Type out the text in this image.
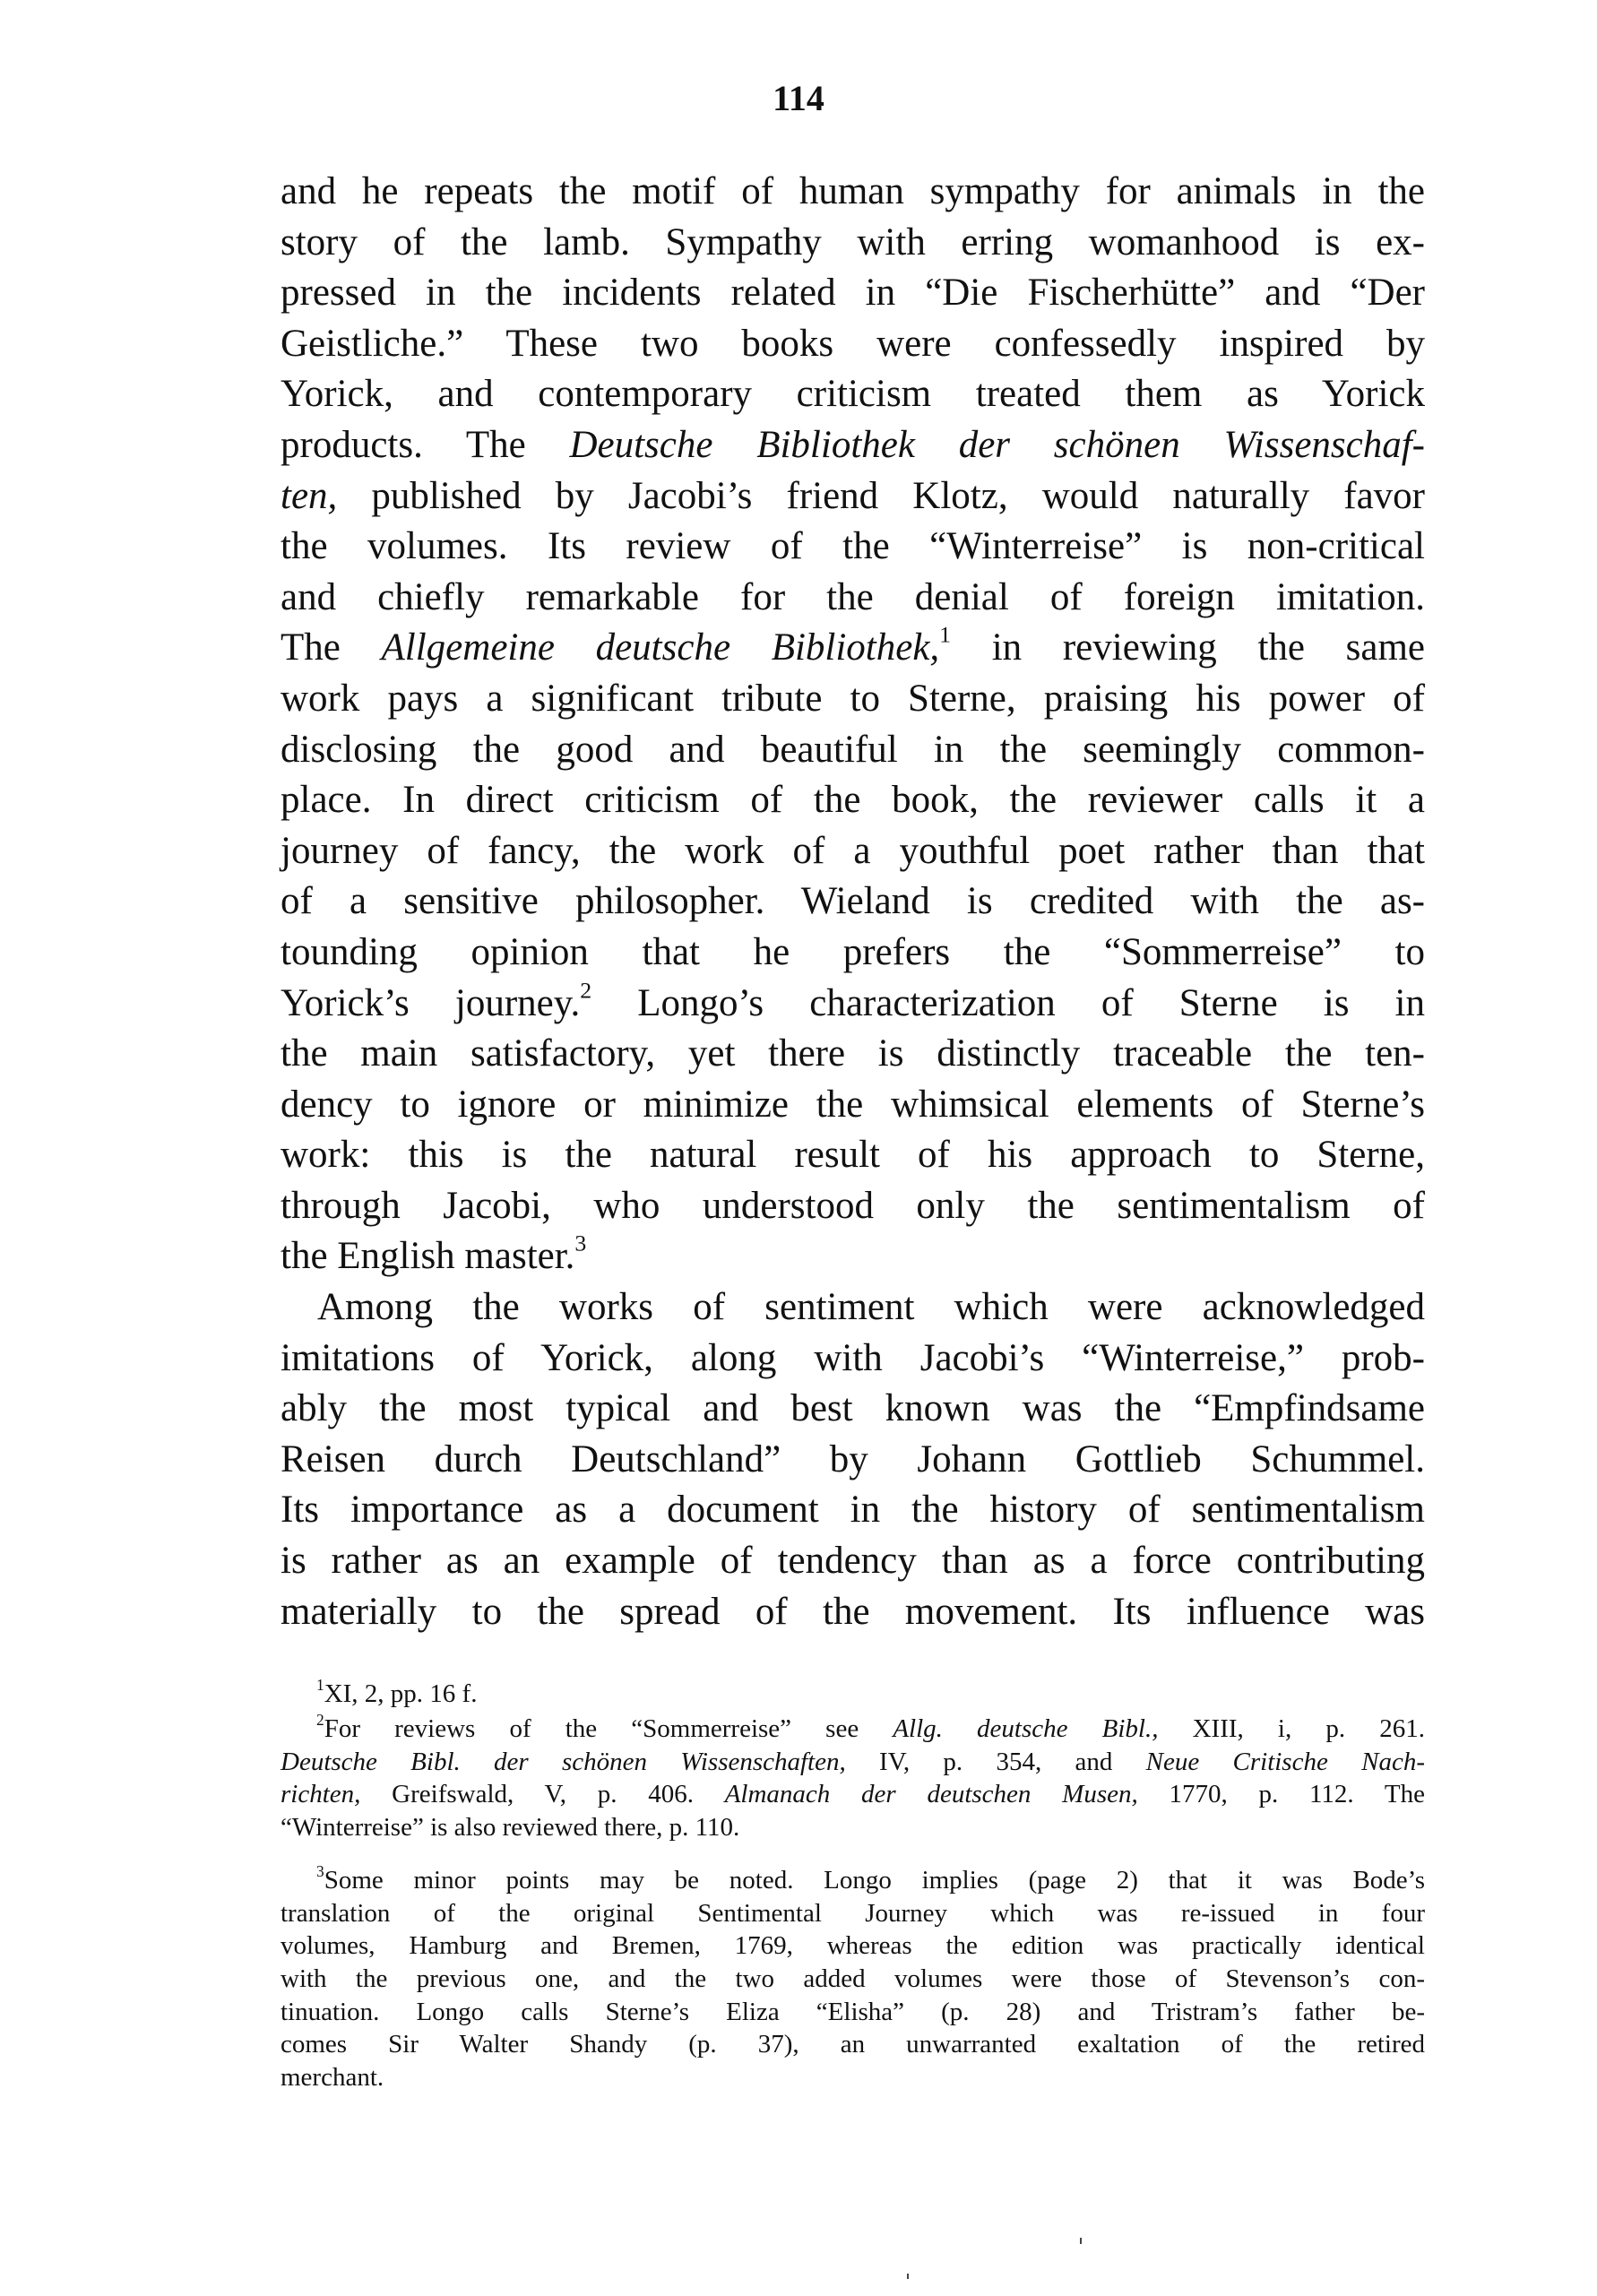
114
and he repeats the motif of human sympathy for animals in the
story of the lamb. Sympathy with erring womanhood is ex-
pressed in the incidents related in “Die Fischerhütte” and “Der
Geistliche.” These two books were confessedly inspired by
Yorick, and contemporary criticism treated them as Yorick
products. The Deutsche Bibliothek der schönen Wissenschaf-
ten, published by Jacobi’s friend Klotz, would naturally favor
the volumes. Its review of the “Winterreise” is non-critical
and chiefly remarkable for the denial of foreign imitation.
The Allgemeine deutsche Bibliothek,$^1$ in reviewing the same
work pays a significant tribute to Sterne, praising his power of
disclosing the good and beautiful in the seemingly common-
place. In direct criticism of the book, the reviewer calls it a
journey of fancy, the work of a youthful poet rather than that
of a sensitive philosopher. Wieland is credited with the as-
tounding opinion that he prefers the “Sommerreise” to
Yorick’s journey.$^2$ Longo’s characterization of Sterne is in
the main satisfactory, yet there is distinctly traceable the ten-
dency to ignore or minimize the whimsical elements of Sterne’s
work: this is the natural result of his approach to Sterne,
through Jacobi, who understood only the sentimentalism of
the English master.$^3$
Among the works of sentiment which were acknowledged
imitations of Yorick, along with Jacobi’s “Winterreise,” prob-
ably the most typical and best known was the “Empfindsame
Reisen durch Deutschland” by Johann Gottlieb Schummel.
Its importance as a document in the history of sentimentalism
is rather as an example of tendency than as a force contributing
materially to the spread of the movement. Its influence was
$^1$XI, 2, pp. 16 f.
$^2$For reviews of the “Sommerreise” see Allg. deutsche Bibl., XIII, i, p. 261.
Deutsche Bibl. der schönen Wissenschaften, IV, p. 354, and Neue Critische Nach-
richten, Greifswald, V, p. 406. Almanach der deutschen Musen, 1770, p. 112. The
“Winterreise” is also reviewed there, p. 110.
$^3$Some minor points may be noted. Longo implies (page 2) that it was Bode’s
translation of the original Sentimental Journey which was re-issued in four
volumes, Hamburg and Bremen, 1769, whereas the edition was practically identical
with the previous one, and the two added volumes were those of Stevenson’s con-
tinuation. Longo calls Sterne’s Eliza “Elisha” (p. 28) and Tristram’s father be-
comes Sir Walter Shandy (p. 37), an unwarranted exaltation of the retired
merchant.
